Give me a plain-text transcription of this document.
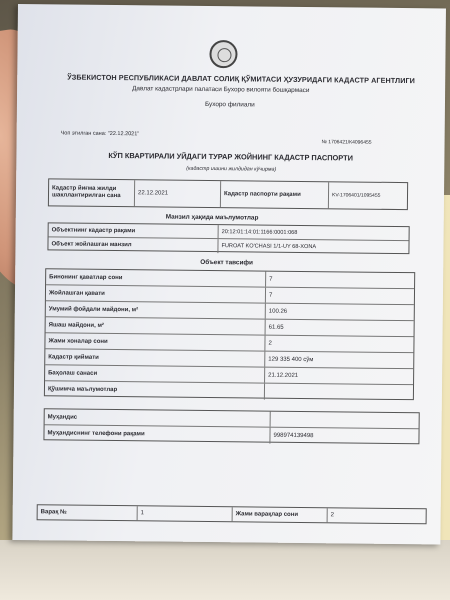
ЎЗБЕКИСТОН РЕСПУБЛИКАСИ ДАВЛАТ СОЛИҚ ҚЎМИТАСИ ҲУЗУРИДАГИ КАДАСТР АГЕНТЛИГИ
Давлат кадастрлари палатаси Бухоро вилояти бошқармаси
Бухоро филиали
Чоп этилган сана: "22.12.2021"
№ 1706421/К4096455
КЎП КВАРТИРАЛИ УЙДАГИ ТУРАР ЖОЙНИНГ КАДАСТР ПАСПОРТИ
(кадастр ишини жилдидан кўчирма)
Кадастр йиғма жилди шакллантирилган сана	22.12.2021	Кадастр паспорти рақами	KV-1706401/1095455
Манзил ҳақида маълумотлар
Объектнинг кадастр рақами	20:12:01:14:01:1166:0001:068
Объект жойлашган манзил	FUROAT KO'CHASI 1/1-UY 68-XONA
Объект тавсифи
Бинонинг қаватлар сони	7
Жойлашган қавати	7
Умумий фойдали майдони, м²	100.26
Яшаш майдони, м²	61.65
Жами хоналар сони	2
Кадастр қиймати	129 335 400 сўм
Баҳолаш санаси	21.12.2021
Қўшимча маълумотлар
Муҳандис
Муҳандиснинг телефони рақами	998974139498
Варақ №	1	Жами варақлар сони	2
